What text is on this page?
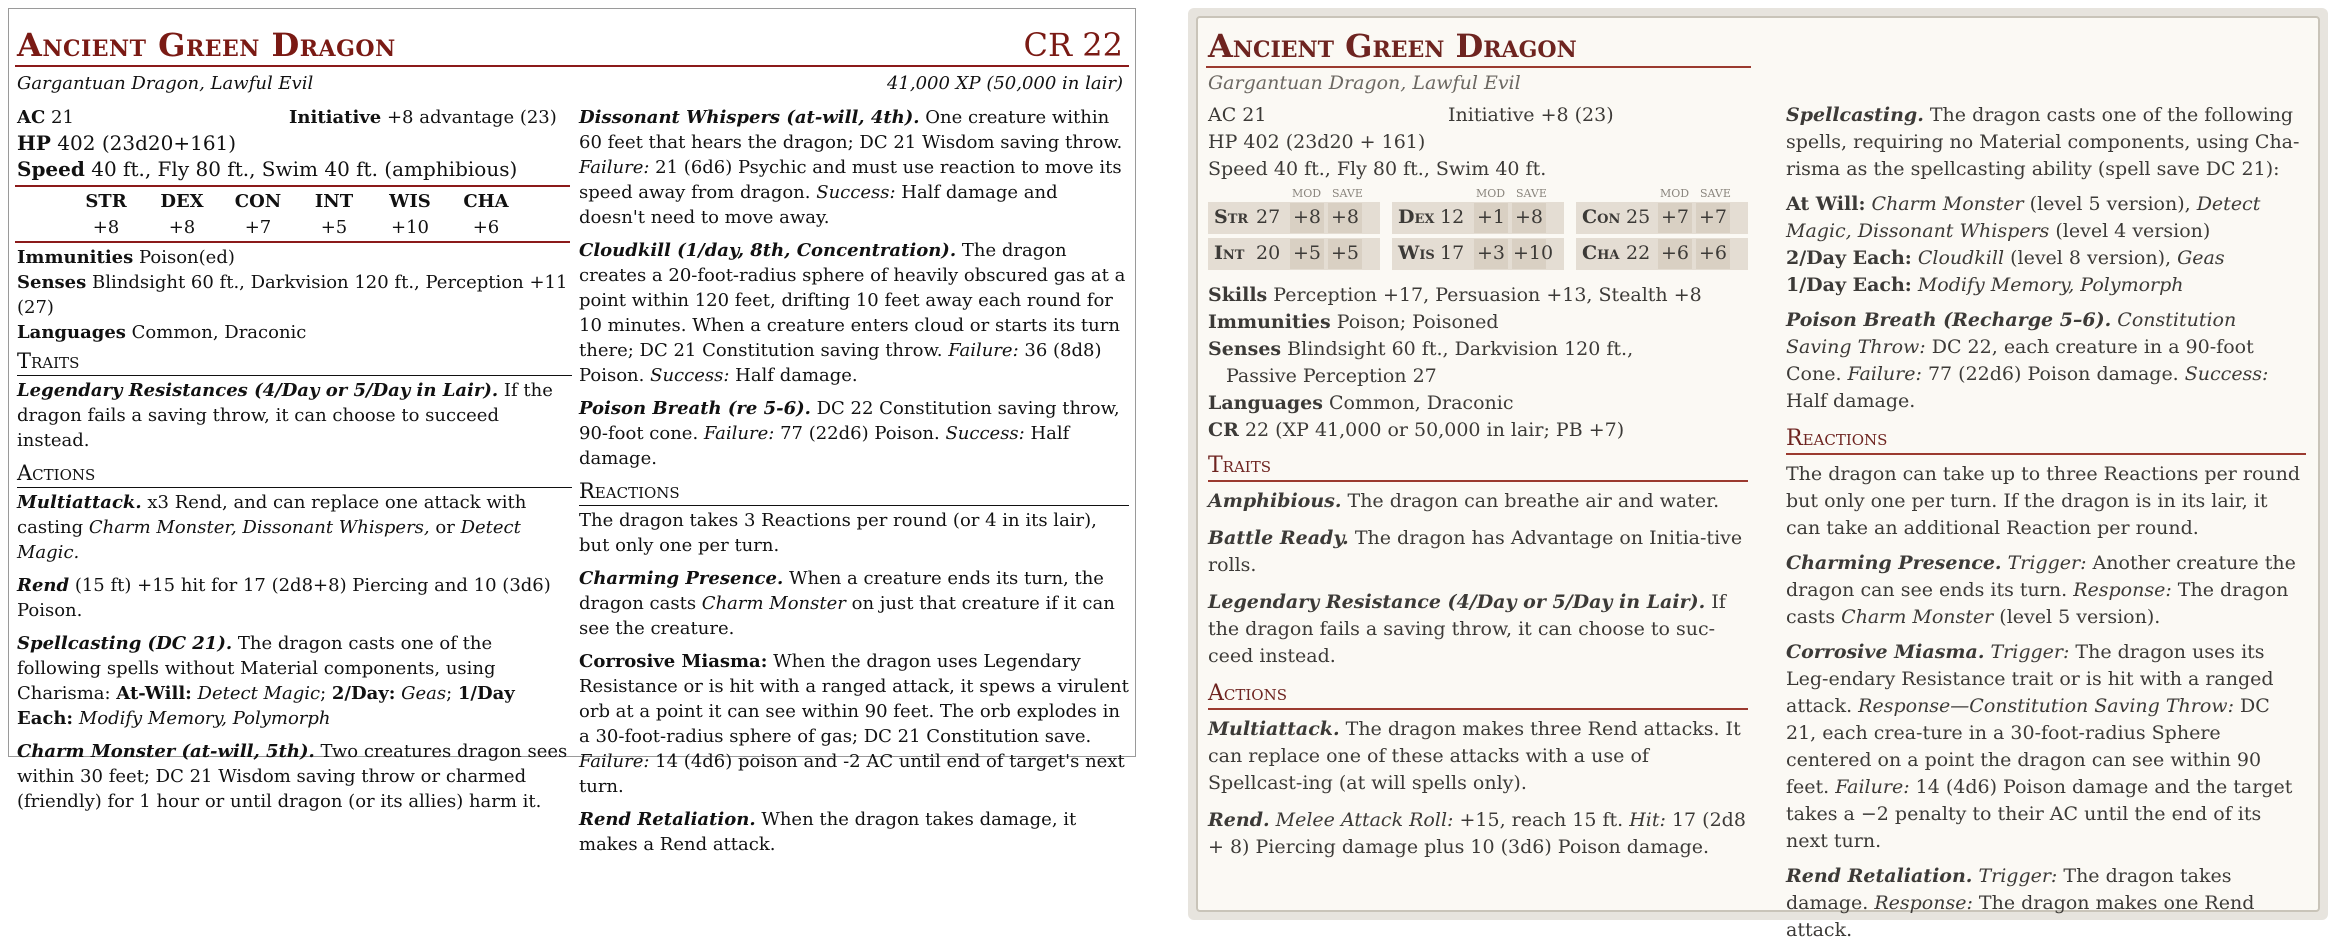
Ancient Green Dragon	CR 22
Gargantuan Dragon, Lawful Evil	41,000 XP (50,000 in lair)
AC 21	Initiative +8 advantage (23)
HP 402 (23d20+161)
Speed 40 ft., Fly 80 ft., Swim 40 ft. (amphibious)
STR	DEX	CON	INT	WIS	CHA
+8	+8	+7	+5	+10	+6

Immunities Poison(ed)

Senses Blindsight 60 ft., Darkvision 120 ft., Perception +11 (27)

Languages Common, Draconic

Traits

Legendary Resistances (4/Day or 5/Day in Lair). If the dragon fails a saving throw, it can choose to succeed instead.

Actions

Multiattack. x3 Rend, and can replace one attack with casting Charm Monster, Dissonant Whispers, or Detect Magic.

Rend (15 ft) +15 hit for 17 (2d8+8) Piercing and 10 (3d6) Poison.

Spellcasting (DC 21). The dragon casts one of the following spells without Material components, using Charisma: At-Will: Detect Magic; 2/Day: Geas; 1/Day Each: Modify Memory, Polymorph

Charm Monster (at-will, 5th). Two creatures dragon sees within 30 feet; DC 21 Wisdom saving throw or charmed (friendly) for 1 hour or until dragon (or its allies) harm it.

Dissonant Whispers (at-will, 4th). One creature within 60 feet that hears the dragon; DC 21 Wisdom saving throw. Failure: 21 (6d6) Psychic and must use reaction to move its speed away from dragon. Success: Half damage and doesn't need to move away.

Cloudkill (1/day, 8th, Concentration). The dragon creates a 20-foot-radius sphere of heavily obscured gas at a point within 120 feet, drifting 10 feet away each round for 10 minutes. When a creature enters cloud or starts its turn there; DC 21 Constitution saving throw. Failure: 36 (8d8) Poison. Success: Half damage.

Poison Breath (re 5-6). DC 22 Constitution saving throw, 90-foot cone. Failure: 77 (22d6) Poison. Success: Half damage.

Reactions

The dragon takes 3 Reactions per round (or 4 in its lair), but only one per turn.

Charming Presence. When a creature ends its turn, the dragon casts Charm Monster on just that creature if it can see the creature.

Corrosive Miasma: When the dragon uses Legendary Resistance or is hit with a ranged attack, it spews a virulent orb at a point it can see within 90 feet. The orb explodes in a 30-foot-radius sphere of gas; DC 21 Constitution save. Failure: 14 (4d6) poison and -2 AC until end of target's next turn.

Rend Retaliation. When the dragon takes damage, it makes a Rend attack.

Ancient Green Dragon
Gargantuan Dragon, Lawful Evil

AC 21	Initiative +8 (23)

HP 402 (23d20 + 161)

Speed 40 ft., Fly 80 ft., Swim 40 ft.

MOD SAVE	MOD SAVE	MOD SAVE
Str 27 +8 +8 Dex 12 +1 +8 Con 25 +7 +7
Int 20 +5 +5 Wis 17 +3 +10 Cha 22 +6 +6

Skills Perception +17, Persuasion +13, Stealth +8

Immunities Poison; Poisoned

Senses Blindsight 60 ft., Darkvision 120 ft.,

Passive Perception 27

Languages Common, Draconic

CR 22 (XP 41,000 or 50,000 in lair; PB +7)

Traits

Amphibious. The dragon can breathe air and water.

Battle Ready. The dragon has Advantage on Initia-tive rolls.

Legendary Resistance (4/Day or 5/Day in Lair). If the dragon fails a saving throw, it can choose to suc-ceed instead.

Actions

Multiattack. The dragon makes three Rend attacks. It can replace one of these attacks with a use of Spellcast-ing (at will spells only).

Rend. Melee Attack Roll: +15, reach 15 ft. Hit: 17 (2d8 + 8) Piercing damage plus 10 (3d6) Poison damage.

Spellcasting. The dragon casts one of the following spells, requiring no Material components, using Cha-risma as the spellcasting ability (spell save DC 21):

At Will: Charm Monster (level 5 version), Detect Magic, Dissonant Whispers (level 4 version)

2/Day Each: Cloudkill (level 8 version), Geas

1/Day Each: Modify Memory, Polymorph

Poison Breath (Recharge 5–6). Constitution Saving Throw: DC 22, each creature in a 90-foot Cone. Failure: 77 (22d6) Poison damage. Success: Half damage.

Reactions

The dragon can take up to three Reactions per round but only one per turn. If the dragon is in its lair, it can take an additional Reaction per round.

Charming Presence. Trigger: Another creature the dragon can see ends its turn. Response: The dragon casts Charm Monster (level 5 version).

Corrosive Miasma. Trigger: The dragon uses its Leg-endary Resistance trait or is hit with a ranged attack. Response—Constitution Saving Throw: DC 21, each crea-ture in a 30-foot-radius Sphere centered on a point the dragon can see within 90 feet. Failure: 14 (4d6) Poison damage and the target takes a −2 penalty to their AC until the end of its next turn.

Rend Retaliation. Trigger: The dragon takes damage. Response: The dragon makes one Rend attack.
